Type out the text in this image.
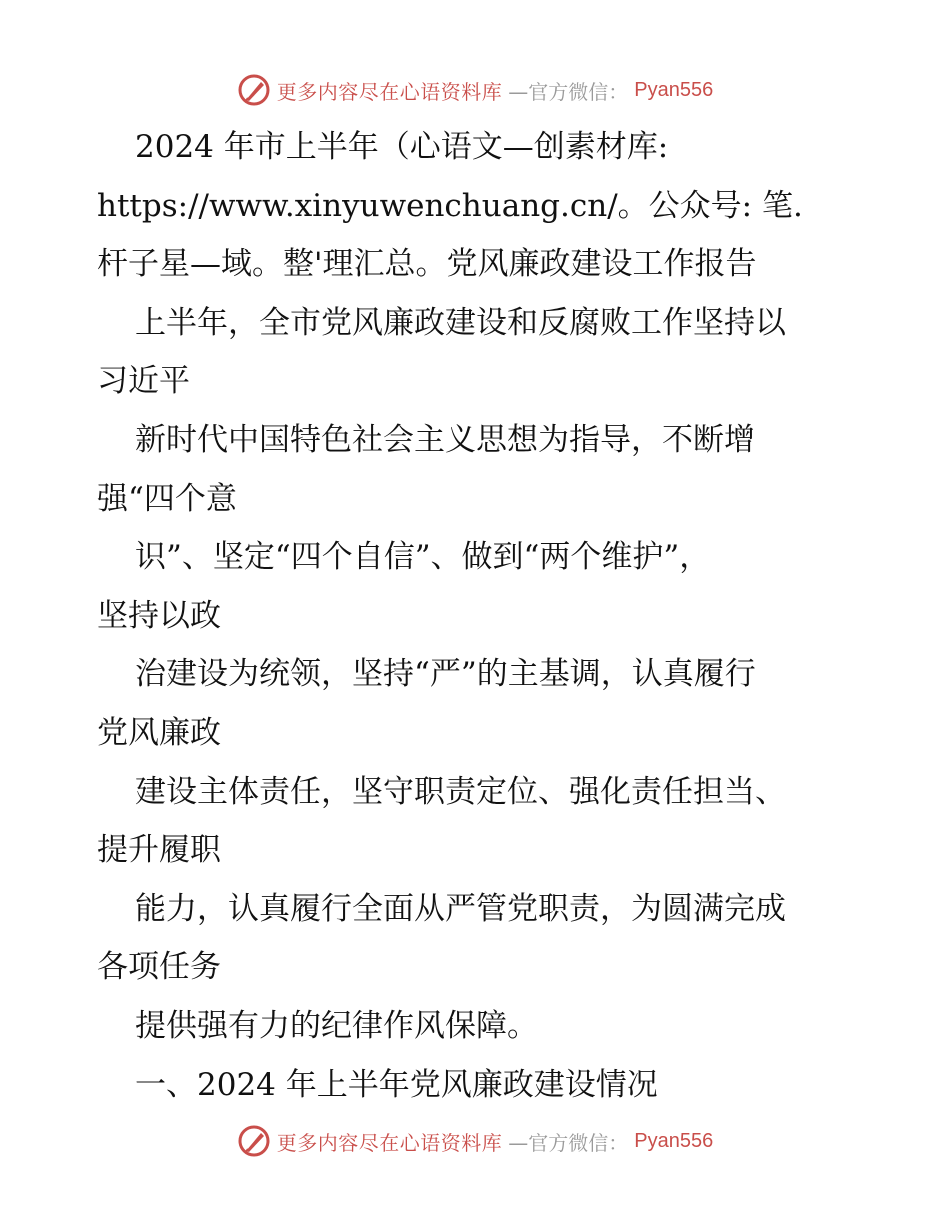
更多内容尽在心语资料库 —官方微信： Pyan556
2024 年市上半年（心语文—创素材库:
https://www.xinyuwenchuang.cn/。公众号: 笔.
杆子星—域。整'理汇总。党风廉政建设工作报告
上半年，全市党风廉政建设和反腐败工作坚持以
习近平
新时代中国特色社会主义思想为指导，不断增
强“四个意
识”、坚定“四个自信”、做到“两个维护”，
坚持以政
治建设为统领，坚持“严”的主基调，认真履行
党风廉政
建设主体责任，坚守职责定位、强化责任担当、
提升履职
能力，认真履行全面从严管党职责，为圆满完成
各项任务
提供强有力的纪律作风保障。
一、2024 年上半年党风廉政建设情况
更多内容尽在心语资料库 —官方微信： Pyan556
